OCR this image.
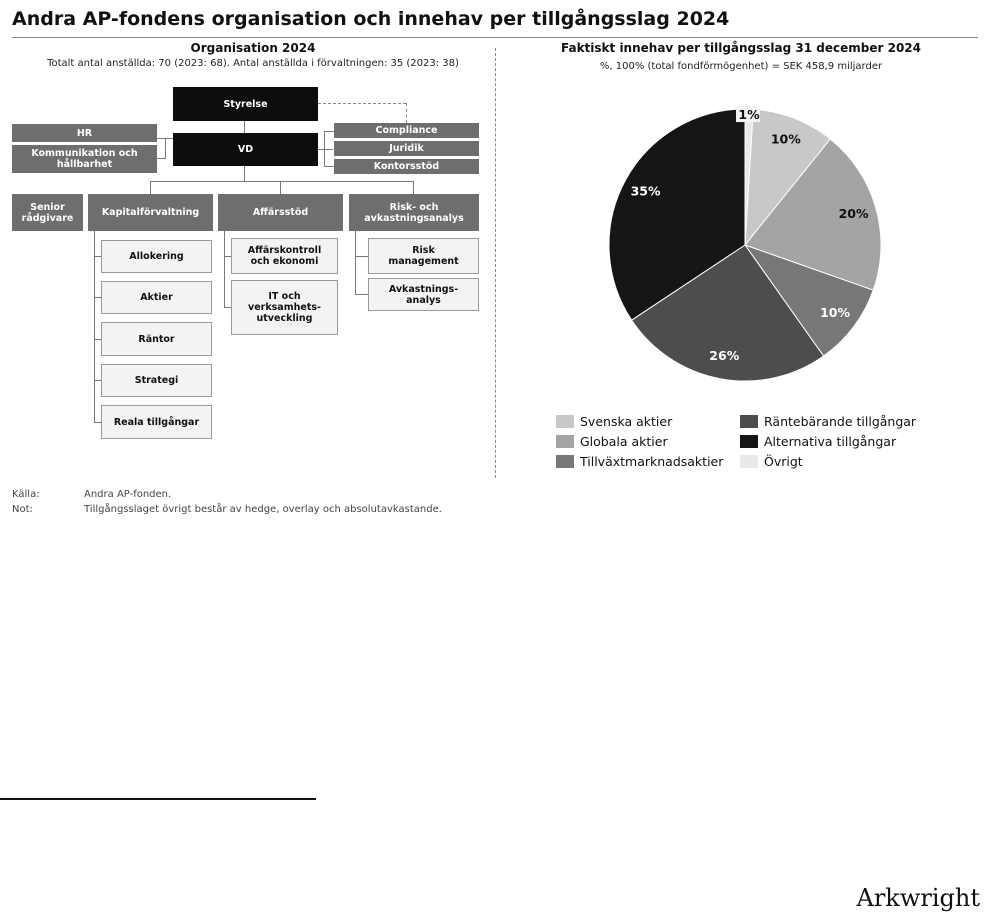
Andra AP-fondens organisation och innehav per tillgångsslag 2024
Organisation 2024
Totalt antal anställda: 70 (2023: 68). Antal anställda i förvaltningen: 35 (2023: 38)
Styrelse
VD
HR
Kommunikation och
hållbarhet
Compliance
Juridik
Kontorsstöd
Senior
rådgivare	Kapitalförvaltning	Affärsstöd	Risk- och
avkastningsanalys
Allokering
Aktier
Räntor
Strategi
Reala tillgångar
Affärskontroll
och ekonomi
IT och
verksamhets-
utveckling
Risk
management
Avkastnings-
analys
Faktiskt innehav per tillgångsslag 31 december 2024
%, 100% (total fondförmögenhet) = SEK 458,9 miljarder
1%
10%
20%
10%
26%
35%
Svenska aktier
Globala aktier
Tillväxtmarknadsaktier
Räntebärande tillgångar
Alternativa tillgångar
Övrigt
Källa:	Andra AP-fonden.
Not:	Tillgångsslaget övrigt består av hedge, overlay och absolutavkastande.
Arkwright
